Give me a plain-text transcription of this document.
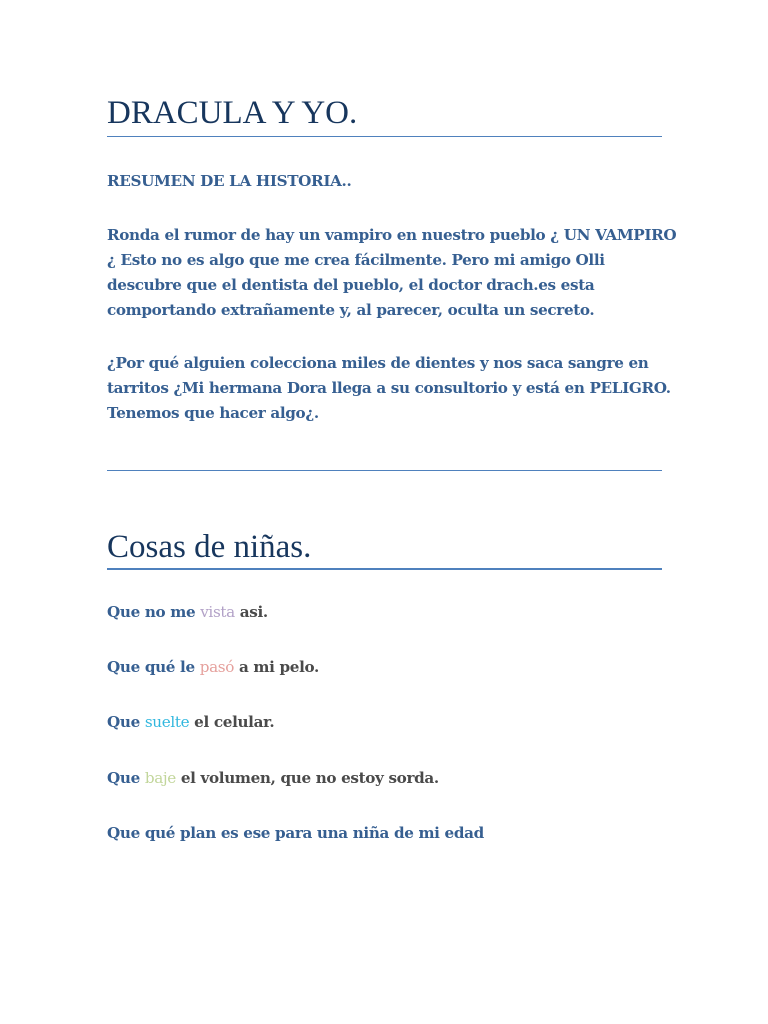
DRACULA Y YO.

RESUMEN DE LA HISTORIA..

Ronda el rumor de hay un vampiro en nuestro pueblo ¿ UN VAMPIRO
¿ Esto no es algo que me crea fácilmente. Pero mi amigo Olli
descubre que el dentista del pueblo, el doctor drach.es esta
comportando extrañamente y, al parecer, oculta un secreto.

¿Por qué alguien colecciona miles de dientes y nos saca sangre en
tarritos ¿Mi hermana Dora llega a su consultorio y está en PELIGRO.
Tenemos que hacer algo¿.

Cosas de niñas.

Que no me vista asi.

Que qué le pasó a mi pelo.

Que suelte el celular.

Que baje el volumen, que no estoy sorda.

Que qué plan es ese para una niña de mi edad
